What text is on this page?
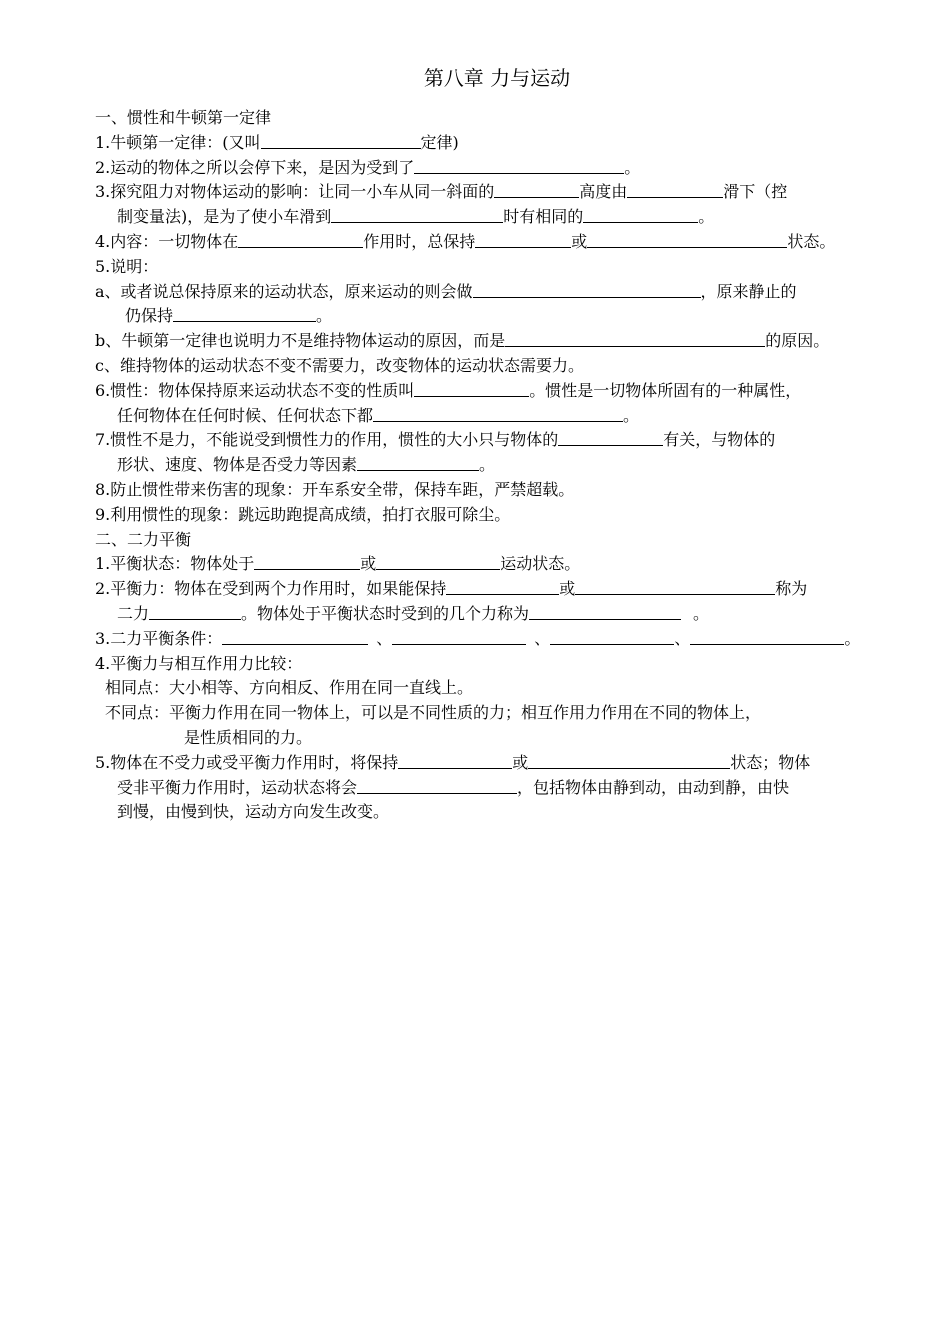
第八章 力与运动
一、惯性和牛顿第一定律
1.牛顿第一定律：(又叫	定律)
2.运动的物体之所以会停下来，是因为受到了	。
3.探究阻力对物体运动的影响：让同一小车从同一斜面的	高度由	滑下（控
制变量法)，是为了使小车滑到	时有相同的	。
4.内容：一切物体在	作用时，总保持	或	状态。
5.说明：
a、或者说总保持原来的运动状态，原来运动的则会做	，原来静止的
仍保持	。
b、牛顿第一定律也说明力不是维持物体运动的原因，而是	的原因。
c、维持物体的运动状态不变不需要力，改变物体的运动状态需要力。
6.惯性：物体保持原来运动状态不变的性质叫	。惯性是一切物体所固有的一种属性，
任何物体在任何时候、任何状态下都	。
7.惯性不是力，不能说受到惯性力的作用，惯性的大小只与物体的	有关，与物体的
形状、速度、物体是否受力等因素	。
8.防止惯性带来伤害的现象：开车系安全带，保持车距，严禁超载。
9.利用惯性的现象：跳远助跑提高成绩，拍打衣服可除尘。
二、二力平衡
1.平衡状态：物体处于	或	运动状态。
2.平衡力：物体在受到两个力作用时，如果能保持	或	称为
二力	。物体处于平衡状态时受到的几个力称为	。
3.二力平衡条件：	、	、	、	。
4.平衡力与相互作用力比较：
相同点：大小相等、方向相反、作用在同一直线上。
不同点：平衡力作用在同一物体上，可以是不同性质的力；相互作用力作用在不同的物体上，
是性质相同的力。
5.物体在不受力或受平衡力作用时，将保持	或	状态；物体
受非平衡力作用时，运动状态将会	，包括物体由静到动，由动到静，由快
到慢，由慢到快，运动方向发生改变。
